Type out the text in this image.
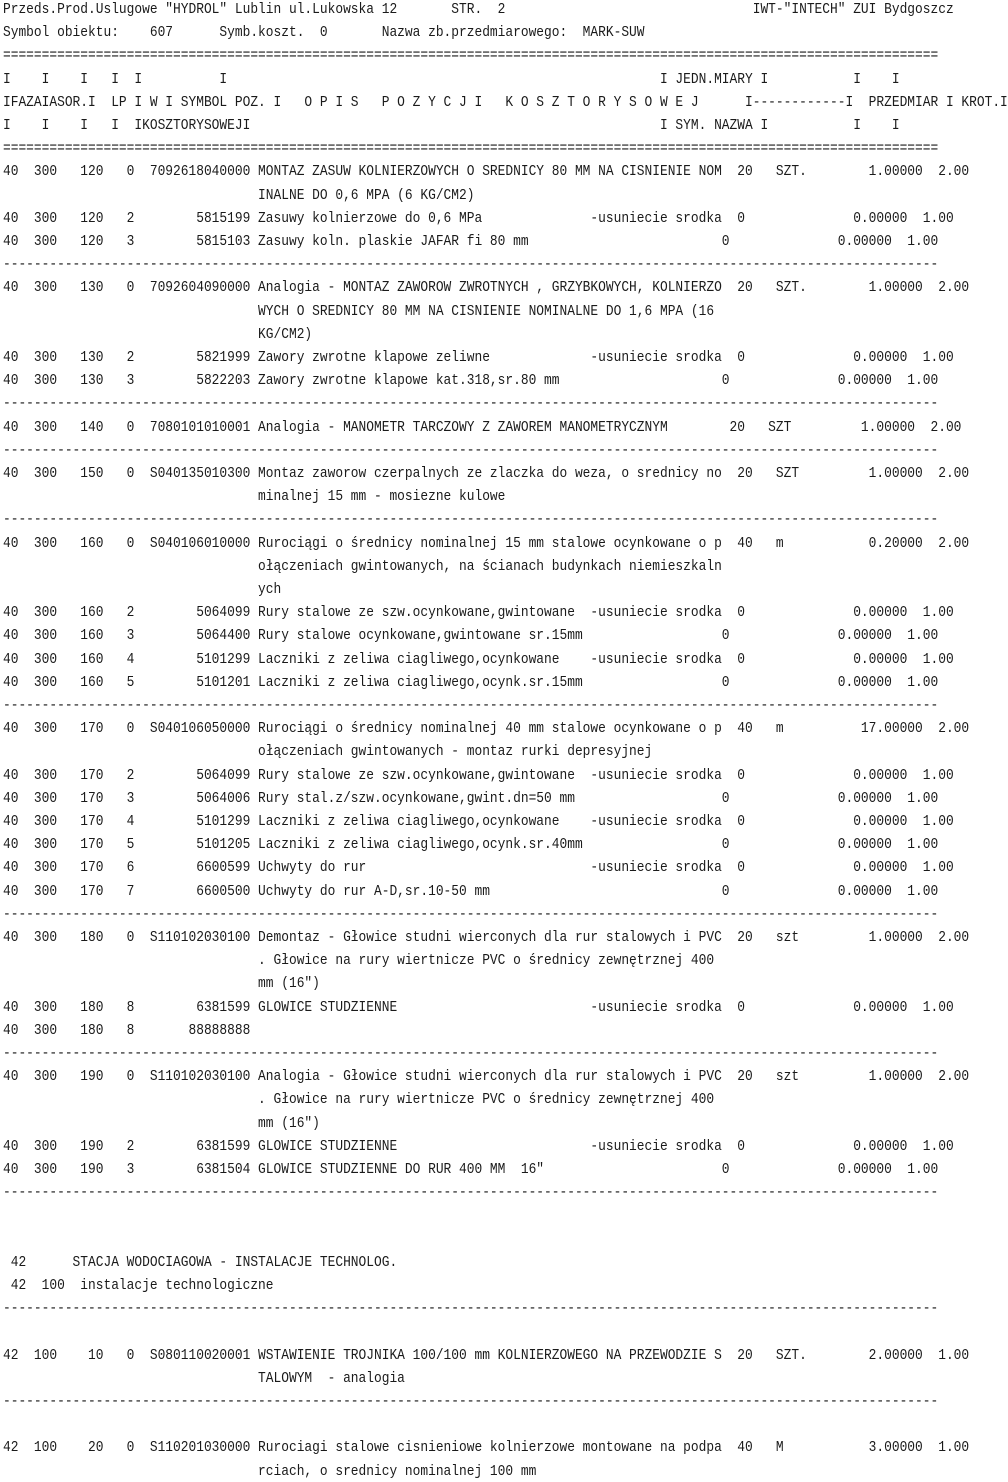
Przeds.Prod.Uslugowe "HYDROL" Lublin ul.Lukowska 12       STR.  2                                IWT-"INTECH" ZUI Bydgoszcz
Symbol obiektu:    607      Symb.koszt.  0       Nazwa zb.przedmiarowego:  MARK-SUW
=========================================================================================================================
I    I    I   I  I          I                                                        I JEDN.MIARY I           I    I
IFAZAIASOR.I  LP I W I SYMBOL POZ. I   O P I S   P O Z Y C J I   K O S Z T O R Y S O W E J      I------------I  PRZEDMIAR I KROT.I
I    I    I   I  IKOSZTORYSOWEJI                                                     I SYM. NAZWA I           I    I
=========================================================================================================================
40  300   120   0  7092618040000 MONTAZ ZASUW KOLNIERZOWYCH O SREDNICY 80 MM NA CISNIENIE NOM  20   SZT.        1.00000  2.00
INALNE DO 0,6 MPA (6 KG/CM2)
40  300   120   2        5815199 Zasuwy kolnierzowe do 0,6 MPa              -usuniecie srodka  0              0.00000  1.00
40  300   120   3        5815103 Zasuwy koln. plaskie JAFAR fi 80 mm                         0              0.00000  1.00
-------------------------------------------------------------------------------------------------------------------------
40  300   130   0  7092604090000 Analogia - MONTAZ ZAWOROW ZWROTNYCH , GRZYBKOWYCH, KOLNIERZO  20   SZT.        1.00000  2.00
WYCH O SREDNICY 80 MM NA CISNIENIE NOMINALNE DO 1,6 MPA (16
KG/CM2)
40  300   130   2        5821999 Zawory zwrotne klapowe zeliwne             -usuniecie srodka  0              0.00000  1.00
40  300   130   3        5822203 Zawory zwrotne klapowe kat.318,sr.80 mm                     0              0.00000  1.00
-------------------------------------------------------------------------------------------------------------------------
40  300   140   0  7080101010001 Analogia - MANOMETR TARCZOWY Z ZAWOREM MANOMETRYCZNYM        20   SZT         1.00000  2.00
-------------------------------------------------------------------------------------------------------------------------
40  300   150   0  S040135010300 Montaz zaworow czerpalnych ze zlaczka do weza, o srednicy no  20   SZT         1.00000  2.00
minalnej 15 mm - mosiezne kulowe
-------------------------------------------------------------------------------------------------------------------------
40  300   160   0  S040106010000 Rurociągi o średnicy nominalnej 15 mm stalowe ocynkowane o p  40   m           0.20000  2.00
ołączeniach gwintowanych, na ścianach budynkach niemieszkaln
ych
40  300   160   2        5064099 Rury stalowe ze szw.ocynkowane,gwintowane  -usuniecie srodka  0              0.00000  1.00
40  300   160   3        5064400 Rury stalowe ocynkowane,gwintowane sr.15mm                  0              0.00000  1.00
40  300   160   4        5101299 Laczniki z zeliwa ciagliwego,ocynkowane    -usuniecie srodka  0              0.00000  1.00
40  300   160   5        5101201 Laczniki z zeliwa ciagliwego,ocynk.sr.15mm                  0              0.00000  1.00
-------------------------------------------------------------------------------------------------------------------------
40  300   170   0  S040106050000 Rurociągi o średnicy nominalnej 40 mm stalowe ocynkowane o p  40   m          17.00000  2.00
ołączeniach gwintowanych - montaz rurki depresyjnej
40  300   170   2        5064099 Rury stalowe ze szw.ocynkowane,gwintowane  -usuniecie srodka  0              0.00000  1.00
40  300   170   3        5064006 Rury stal.z/szw.ocynkowane,gwint.dn=50 mm                   0              0.00000  1.00
40  300   170   4        5101299 Laczniki z zeliwa ciagliwego,ocynkowane    -usuniecie srodka  0              0.00000  1.00
40  300   170   5        5101205 Laczniki z zeliwa ciagliwego,ocynk.sr.40mm                  0              0.00000  1.00
40  300   170   6        6600599 Uchwyty do rur                             -usuniecie srodka  0              0.00000  1.00
40  300   170   7        6600500 Uchwyty do rur A-D,sr.10-50 mm                              0              0.00000  1.00
-------------------------------------------------------------------------------------------------------------------------
40  300   180   0  S110102030100 Demontaz - Głowice studni wierconych dla rur stalowych i PVC  20   szt         1.00000  2.00
. Głowice na rury wiertnicze PVC o średnicy zewnętrznej 400
mm (16")
40  300   180   8        6381599 GLOWICE STUDZIENNE                         -usuniecie srodka  0              0.00000  1.00
40  300   180   8       88888888
-------------------------------------------------------------------------------------------------------------------------
40  300   190   0  S110102030100 Analogia - Głowice studni wierconych dla rur stalowych i PVC  20   szt         1.00000  2.00
. Głowice na rury wiertnicze PVC o średnicy zewnętrznej 400
mm (16")
40  300   190   2        6381599 GLOWICE STUDZIENNE                         -usuniecie srodka  0              0.00000  1.00
40  300   190   3        6381504 GLOWICE STUDZIENNE DO RUR 400 MM  16"                       0              0.00000  1.00
-------------------------------------------------------------------------------------------------------------------------
42      STACJA WODOCIAGOWA - INSTALACJE TECHNOLOG.
42  100  instalacje technologiczne
-------------------------------------------------------------------------------------------------------------------------
42  100    10   0  S080110020001 WSTAWIENIE TROJNIKA 100/100 mm KOLNIERZOWEGO NA PRZEWODZIE S  20   SZT.        2.00000  1.00
TALOWYM  - analogia
-------------------------------------------------------------------------------------------------------------------------
42  100    20   0  S110201030000 Rurociagi stalowe cisnieniowe kolnierzowe montowane na podpa  40   M           3.00000  1.00
rciach, o srednicy nominalnej 100 mm
